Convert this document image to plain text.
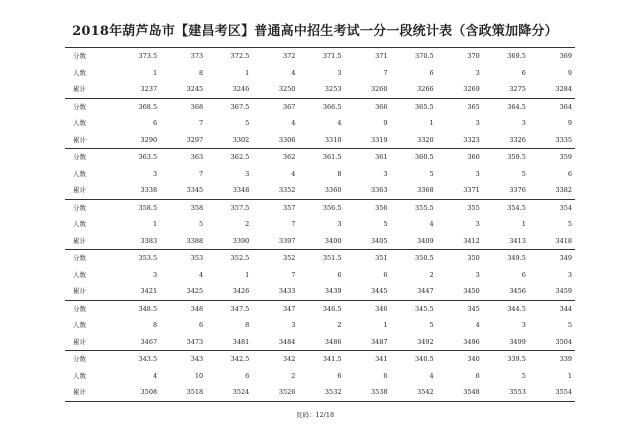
2018年葫芦岛市【建昌考区】普通高中招生考试一分一段统计表（含政策加降分）
分数	373.5	373	372.5	372	371.5	371	370.5	370	369.5	369
人数	1	8	1	4	3	7	6	3	6	9
累计	3237	3245	3246	3250	3253	3260	3266	3269	3275	3284
分数	368.5	368	367.5	367	366.5	366	365.5	365	364.5	364
人数	6	7	5	4	4	9	1	3	3	9
累计	3290	3297	3302	3306	3310	3319	3320	3323	3326	3335
分数	363.5	363	362.5	362	361.5	361	360.5	360	359.5	359
人数	3	7	3	4	8	3	5	3	5	6
累计	3338	3345	3348	3352	3360	3363	3368	3371	3376	3382
分数	358.5	358	357.5	357	356.5	356	355.5	355	354.5	354
人数	1	5	2	7	3	5	4	3	1	5
累计	3383	3388	3390	3397	3400	3405	3409	3412	3413	3418
分数	353.5	353	352.5	352	351.5	351	350.5	350	349.5	349
人数	3	4	1	7	6	6	2	3	6	3
累计	3421	3425	3426	3433	3439	3445	3447	3450	3456	3459
分数	348.5	348	347.5	347	346.5	346	345.5	345	344.5	344
人数	8	6	8	3	2	1	5	4	3	5
累计	3467	3473	3481	3484	3486	3487	3492	3496	3499	3504
分数	343.5	343	342.5	342	341.5	341	340.5	340	339.5	339
人数	4	10	6	2	6	6	4	6	5	1
累计	3508	3518	3524	3526	3532	3538	3542	3548	3553	3554
页码：12/18
